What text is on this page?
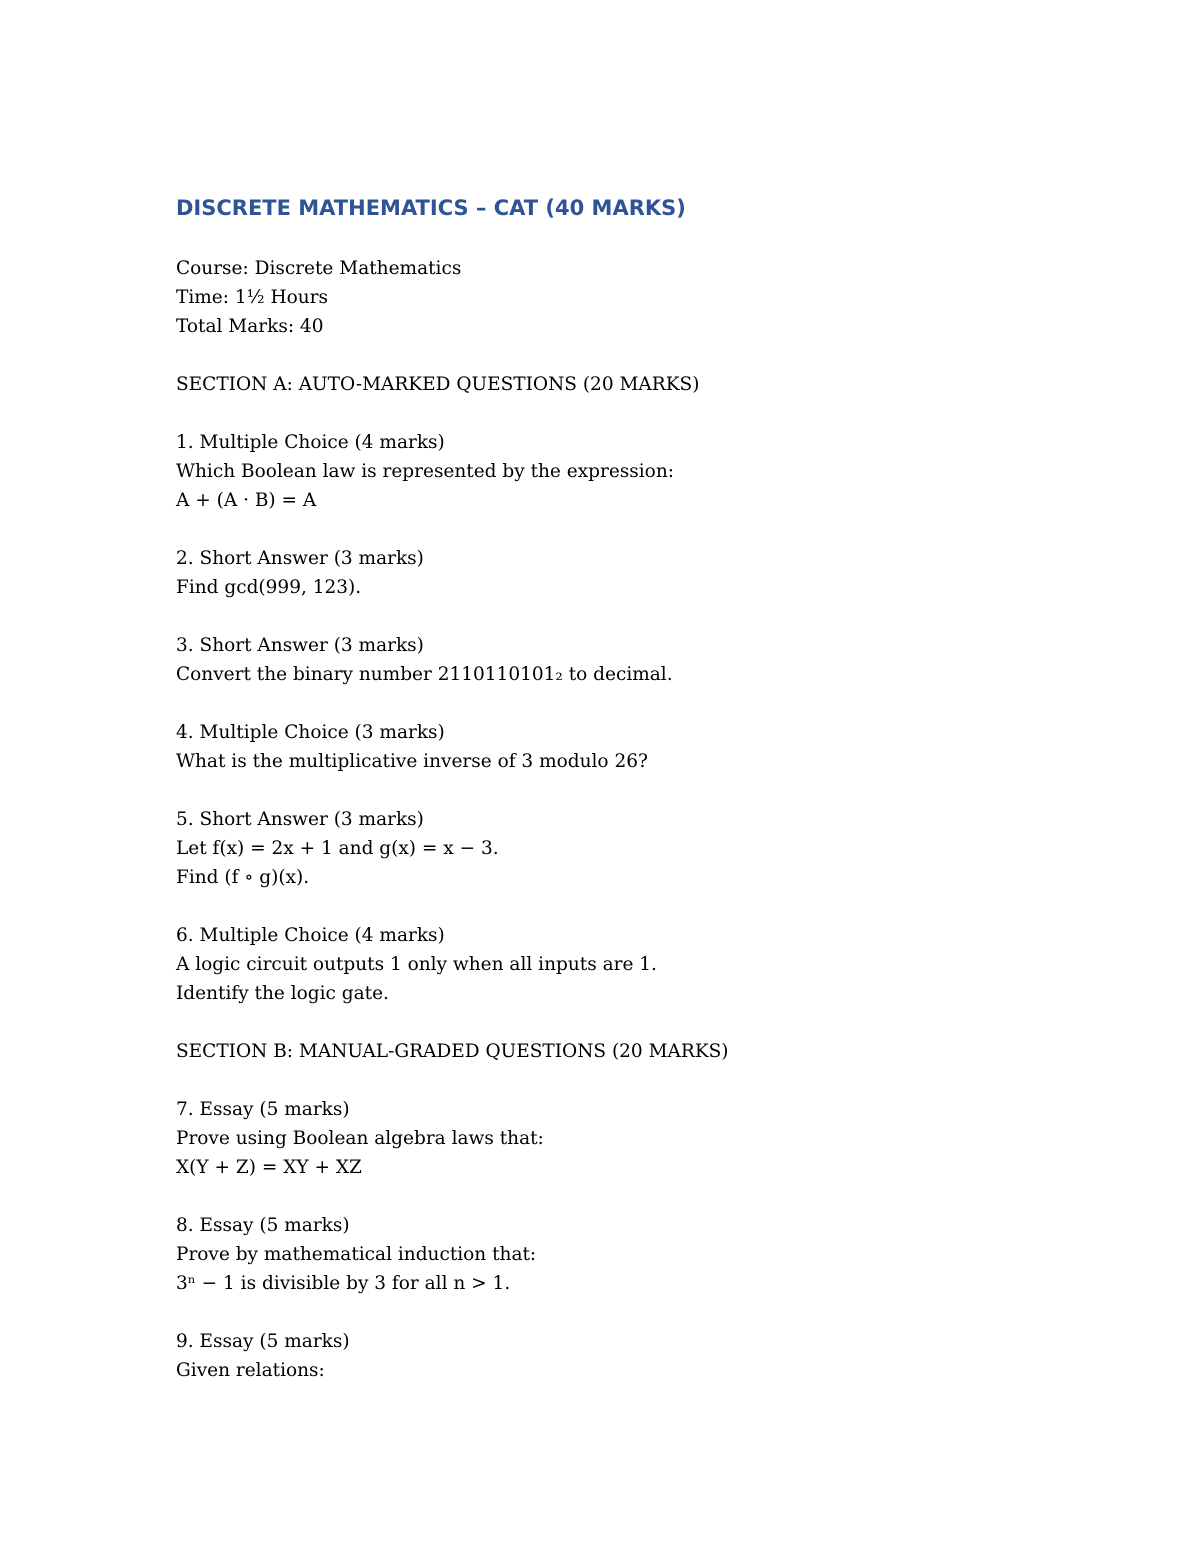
DISCRETE MATHEMATICS – CAT (40 MARKS)
Course: Discrete Mathematics
Time: 1½ Hours
Total Marks: 40
SECTION A: AUTO-MARKED QUESTIONS (20 MARKS)
1. Multiple Choice (4 marks)
Which Boolean law is represented by the expression:
A + (A · B) = A
2. Short Answer (3 marks)
Find gcd(999, 123).
3. Short Answer (3 marks)
Convert the binary number 2110110101₂ to decimal.
4. Multiple Choice (3 marks)
What is the multiplicative inverse of 3 modulo 26?
5. Short Answer (3 marks)
Let f(x) = 2x + 1 and g(x) = x − 3.
Find (f ∘ g)(x).
6. Multiple Choice (4 marks)
A logic circuit outputs 1 only when all inputs are 1.
Identify the logic gate.
SECTION B: MANUAL-GRADED QUESTIONS (20 MARKS)
7. Essay (5 marks)
Prove using Boolean algebra laws that:
X(Y + Z) = XY + XZ
8. Essay (5 marks)
Prove by mathematical induction that:
3ⁿ − 1 is divisible by 3 for all n > 1.
9. Essay (5 marks)
Given relations:
